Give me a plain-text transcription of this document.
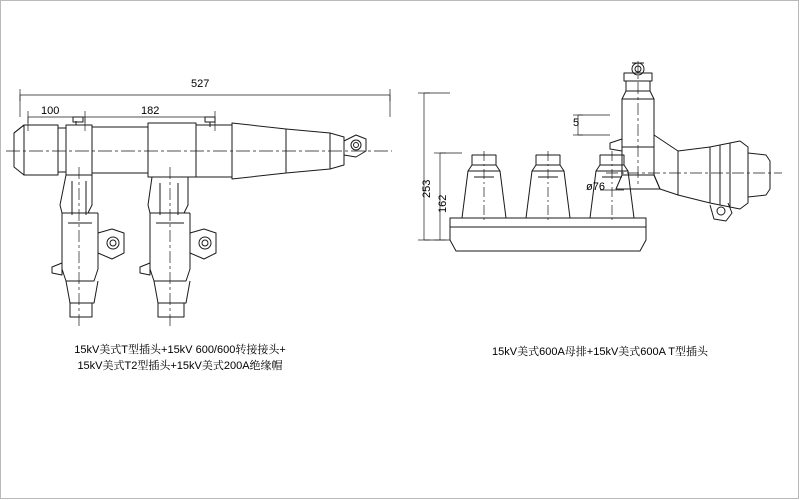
527
100	182
15kV美式T型插头+15kV 600/600转接接头+
15kV美式T2型插头+15kV美式200A绝缘帽
253
162
5
ø76
15kV美式600A母排+15kV美式600A T型插头
